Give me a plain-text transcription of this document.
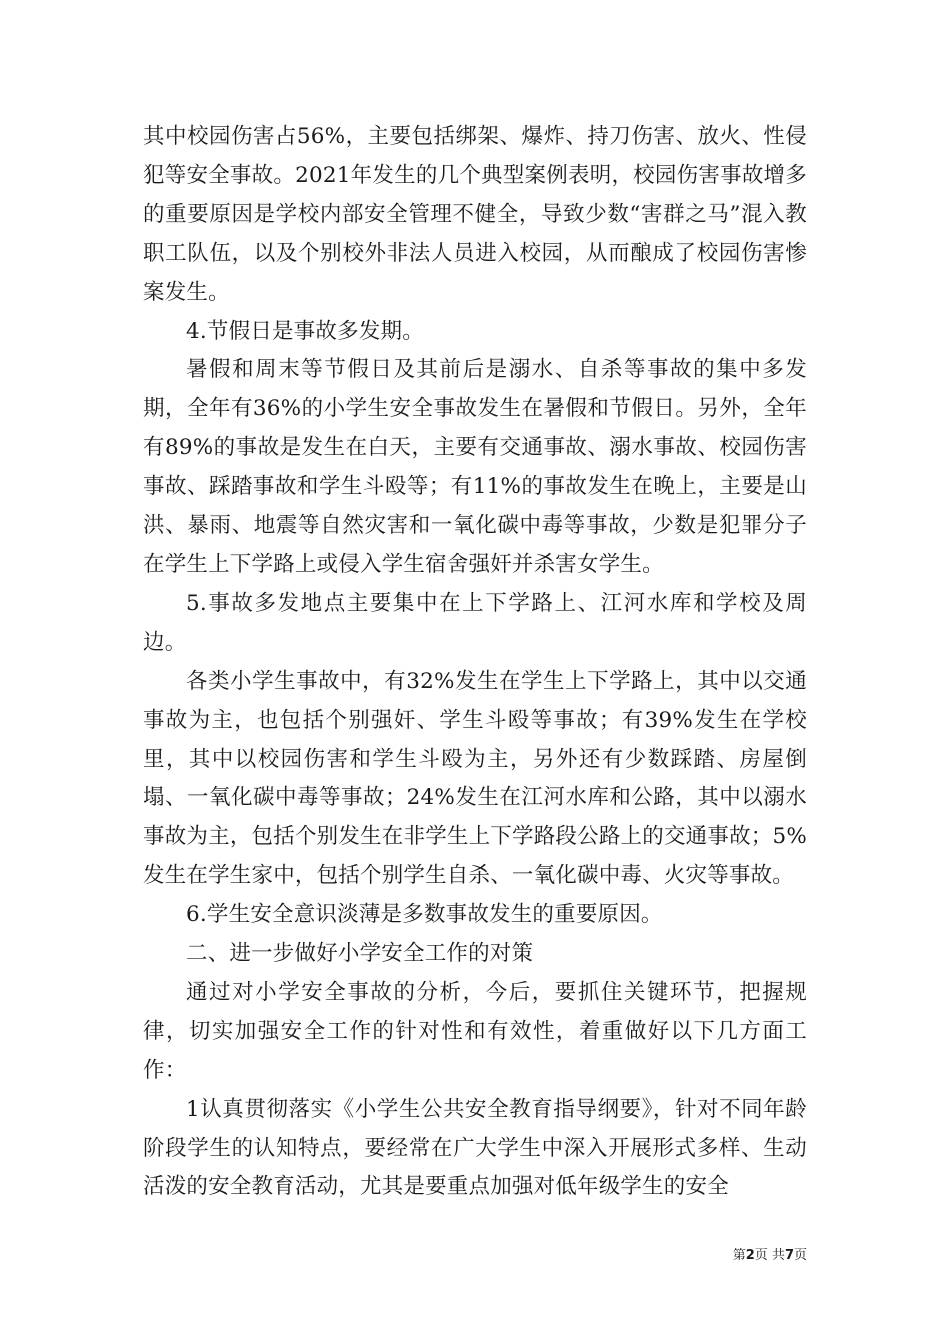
其中校园伤害占56%，主要包括绑架、爆炸、持刀伤害、放火、性侵犯等安全事故。2021年发生的几个典型案例表明，校园伤害事故增多的重要原因是学校内部安全管理不健全，导致少数“害群之马”混入教职工队伍，以及个别校外非法人员进入校园，从而酿成了校园伤害惨案发生。

4.节假日是事故多发期。

暑假和周末等节假日及其前后是溺水、自杀等事故的集中多发期，全年有36%的小学生安全事故发生在暑假和节假日。另外，全年有89%的事故是发生在白天，主要有交通事故、溺水事故、校园伤害事故、踩踏事故和学生斗殴等；有11%的事故发生在晚上，主要是山洪、暴雨、地震等自然灾害和一氧化碳中毒等事故，少数是犯罪分子在学生上下学路上或侵入学生宿舍强奸并杀害女学生。

5.事故多发地点主要集中在上下学路上、江河水库和学校及周边。

各类小学生事故中，有32%发生在学生上下学路上，其中以交通事故为主，也包括个别强奸、学生斗殴等事故；有39%发生在学校里，其中以校园伤害和学生斗殴为主，另外还有少数踩踏、房屋倒塌、一氧化碳中毒等事故；24%发生在江河水库和公路，其中以溺水事故为主，包括个别发生在非学生上下学路段公路上的交通事故；5%发生在学生家中，包括个别学生自杀、一氧化碳中毒、火灾等事故。

6.学生安全意识淡薄是多数事故发生的重要原因。

二、进一步做好小学安全工作的对策

通过对小学安全事故的分析，今后，要抓住关键环节，把握规律，切实加强安全工作的针对性和有效性，着重做好以下几方面工作：

1认真贯彻落实《小学生公共安全教育指导纲要》，针对不同年龄阶段学生的认知特点，要经常在广大学生中深入开展形式多样、生动活泼的安全教育活动，尤其是要重点加强对低年级学生的安全

第2页 共7页
